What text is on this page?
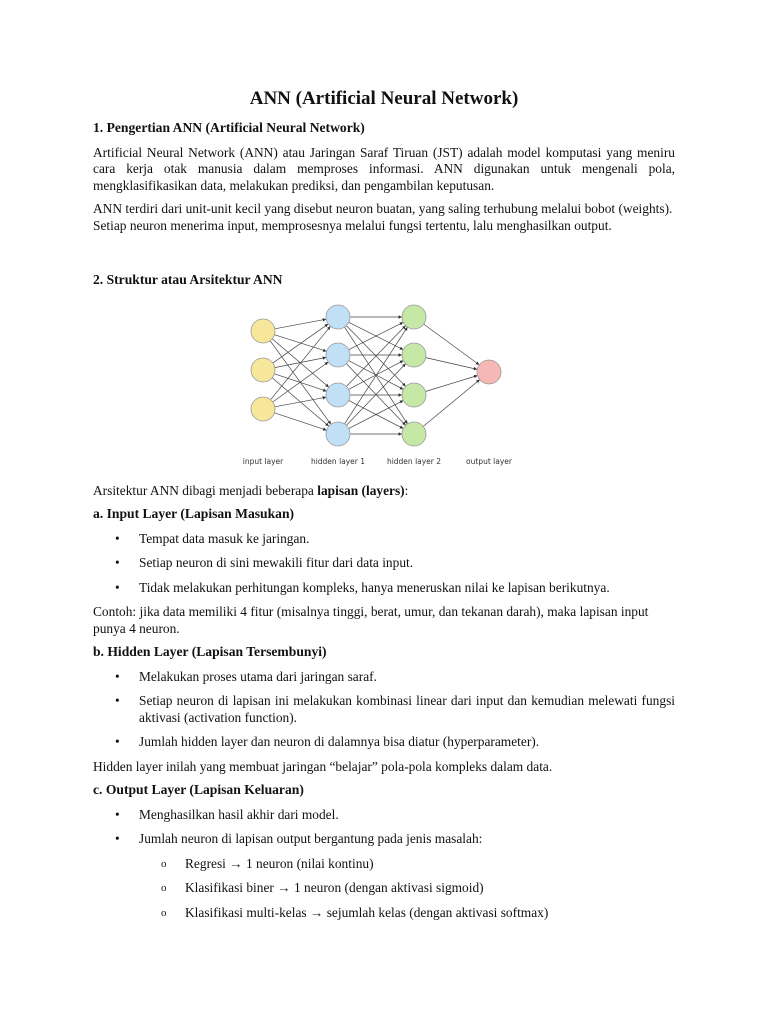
ANN (Artificial Neural Network)
1. Pengertian ANN (Artificial Neural Network)

Artificial Neural Network (ANN) atau Jaringan Saraf Tiruan (JST) adalah model komputasi yang meniru cara kerja otak manusia dalam memproses informasi. ANN digunakan untuk mengenali pola, mengklasifikasikan data, melakukan prediksi, dan pengambilan keputusan.

ANN terdiri dari unit-unit kecil yang disebut neuron buatan, yang saling terhubung melalui bobot (weights).

Setiap neuron menerima input, memprosesnya melalui fungsi tertentu, lalu menghasilkan output.

2. Struktur atau Arsitektur ANN
input layer	hidden layer 1	hidden layer 2	output layer

Arsitektur ANN dibagi menjadi beberapa lapisan (layers):

a. Input Layer (Lapisan Masukan)
• Tempat data masuk ke jaringan.
• Setiap neuron di sini mewakili fitur dari data input.
• Tidak melakukan perhitungan kompleks, hanya meneruskan nilai ke lapisan berikutnya.

Contoh: jika data memiliki 4 fitur (misalnya tinggi, berat, umur, dan tekanan darah), maka lapisan input punya 4 neuron.

b. Hidden Layer (Lapisan Tersembunyi)
• Melakukan proses utama dari jaringan saraf.
• Setiap neuron di lapisan ini melakukan kombinasi linear dari input dan kemudian melewati fungsi aktivasi (activation function).
• Jumlah hidden layer dan neuron di dalamnya bisa diatur (hyperparameter).

Hidden layer inilah yang membuat jaringan “belajar” pola-pola kompleks dalam data.

c. Output Layer (Lapisan Keluaran)
• Menghasilkan hasil akhir dari model.
• Jumlah neuron di lapisan output bergantung pada jenis masalah:
o Regresi → 1 neuron (nilai kontinu)
o Klasifikasi biner → 1 neuron (dengan aktivasi sigmoid)
o Klasifikasi multi-kelas → sejumlah kelas (dengan aktivasi softmax)
